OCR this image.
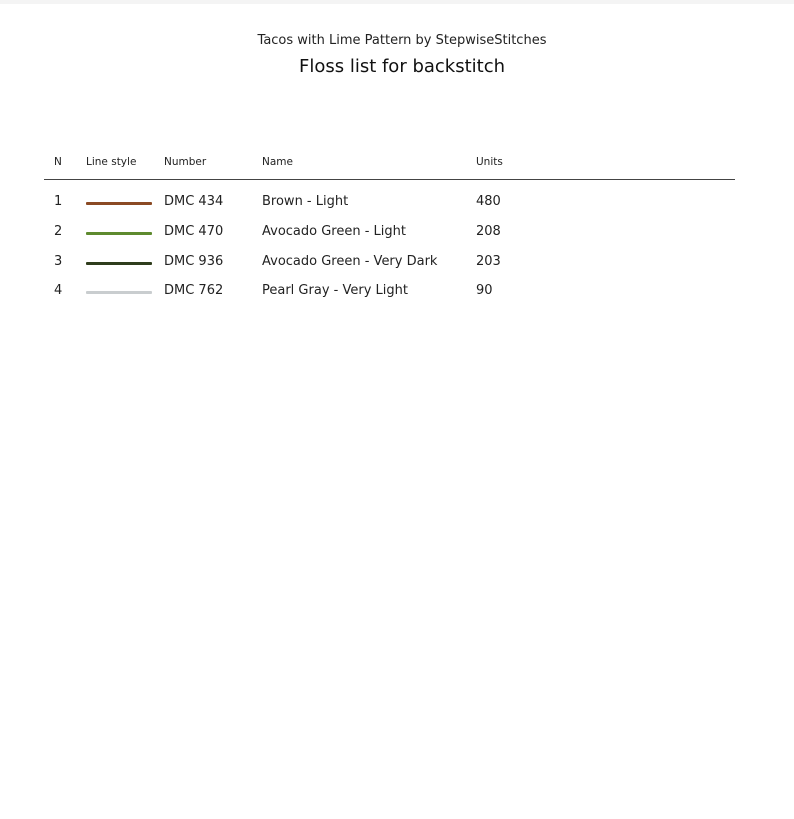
Tacos with Lime Pattern by StepwiseStitches
Floss list for backstitch
N Line style	Number	Name	Units
1	DMC 434	Brown - Light	480
2	DMC 470	Avocado Green - Light	208
3	DMC 936	Avocado Green - Very Dark	203
4	DMC 762	Pearl Gray - Very Light	90
